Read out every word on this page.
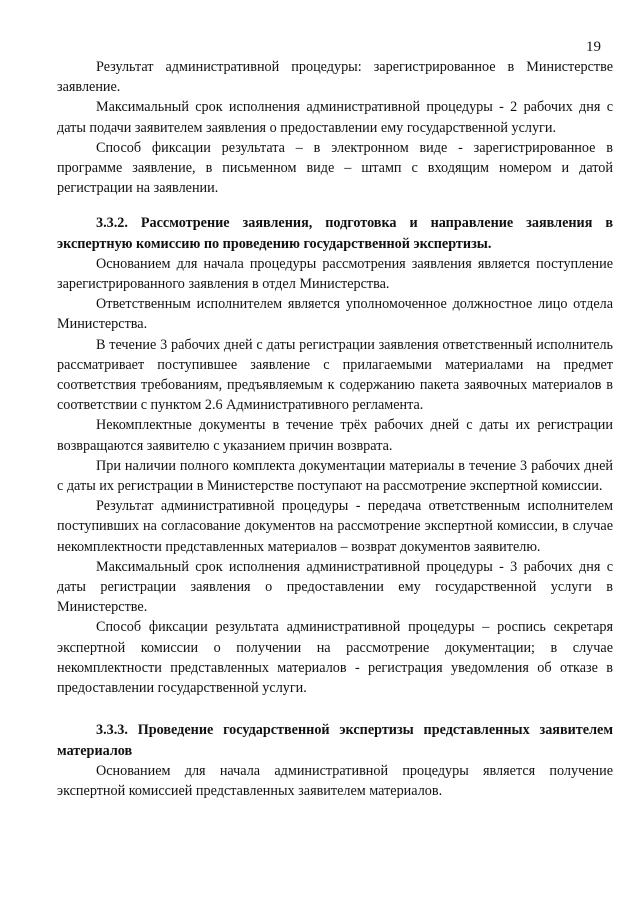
19

Результат административной процедуры: зарегистрированное в Министерстве заявление.

Максимальный срок исполнения административной процедуры - 2 рабочих дня с даты подачи заявителем заявления о предоставлении ему государственной услуги.

Способ фиксации результата – в электронном виде - зарегистрированное в программе заявление, в письменном виде – штамп с входящим номером и датой регистрации на заявлении.

3.3.2. Рассмотрение заявления, подготовка и направление заявления в экспертную комиссию по проведению государственной экспертизы.

Основанием для начала процедуры рассмотрения заявления является поступление зарегистрированного заявления в отдел Министерства.

Ответственным исполнителем является уполномоченное должностное лицо отдела Министерства.

В течение 3 рабочих дней с даты регистрации заявления ответственный исполнитель рассматривает поступившее заявление с прилагаемыми материалами на предмет соответствия требованиям, предъявляемым к содержанию пакета заявочных материалов в соответствии с пунктом 2.6 Административного регламента.

Некомплектные документы в течение трёх рабочих дней с даты их регистрации возвращаются заявителю с указанием причин возврата.

При наличии полного комплекта документации материалы в течение 3 рабочих дней с даты их регистрации в Министерстве поступают на рассмотрение экспертной комиссии.

Результат административной процедуры - передача ответственным исполнителем поступивших на согласование документов на рассмотрение экспертной комиссии, в случае некомплектности представленных материалов – возврат документов заявителю.

Максимальный срок исполнения административной процедуры - 3 рабочих дня с даты регистрации заявления о предоставлении ему государственной услуги в Министерстве.

Способ фиксации результата административной процедуры – роспись секретаря экспертной комиссии о получении на рассмотрение документации; в случае некомплектности представленных материалов - регистрация уведомления об отказе в предоставлении государственной услуги.

3.3.3. Проведение государственной экспертизы представленных заявителем материалов

Основанием для начала административной процедуры является получение экспертной комиссией представленных заявителем материалов.
